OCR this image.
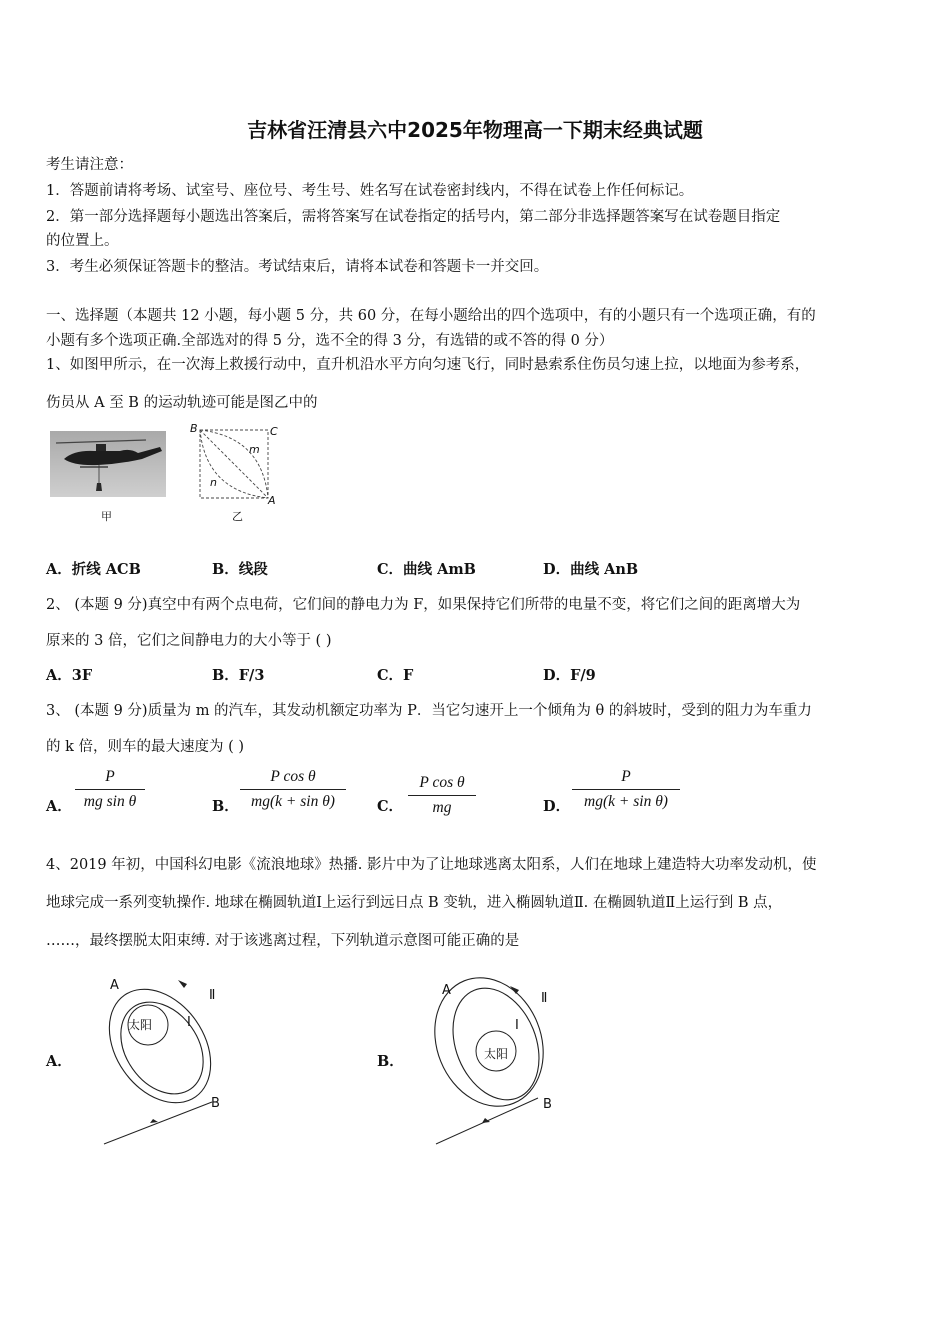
吉林省汪清县六中2025年物理高一下期末经典试题
考生请注意：
1．答题前请将考场、试室号、座位号、考生号、姓名写在试卷密封线内，不得在试卷上作任何标记。
2．第一部分选择题每小题选出答案后，需将答案写在试卷指定的括号内，第二部分非选择题答案写在试卷题目指定
的位置上。
3．考生必须保证答题卡的整洁。考试结束后，请将本试卷和答题卡一并交回。
一、选择题（本题共 12 小题，每小题 5 分，共 60 分，在每小题给出的四个选项中，有的小题只有一个选项正确，有的
小题有多个选项正确.全部选对的得 5 分，选不全的得 3 分，有选错的或不答的得 0 分）
1、如图甲所示，在一次海上救援行动中，直升机沿水平方向匀速飞行，同时悬索系住伤员匀速上拉，以地面为参考系，
伤员从 A 至 B 的运动轨迹可能是图乙中的
甲
B	C
m
n
A
乙
A．折线 ACB	B．线段	C．曲线 AmB	D．曲线 AnB
2、 (本题 9 分)真空中有两个点电荷，它们间的静电力为 F，如果保持它们所带的电量不变，将它们之间的距离增大为
原来的 3 倍，它们之间静电力的大小等于 ( )
A．3F	B．F/3	C．F	D．F/9
3、 (本题 9 分)质量为 m 的汽车，其发动机额定功率为 P．当它匀速开上一个倾角为 θ 的斜坡时，受到的阻力为车重力
的 k 倍，则车的最大速度为 ( )
A．
P
mg sin θ	B．
P cos θ
mg(k + sin θ)	C．
P cos θ
mg	D．
P
mg(k + sin θ)
4、2019 年初，中国科幻电影《流浪地球》热播. 影片中为了让地球逃离太阳系，人们在地球上建造特大功率发动机，使
地球完成一系列变轨操作. 地球在椭圆轨道Ⅰ上运行到远日点 B 变轨，进入椭圆轨道Ⅱ. 在椭圆轨道Ⅱ上运行到 B 点，
……，最终摆脱太阳束缚. 对于该逃离过程，下列轨道示意图可能正确的是
A．
太阳
A
Ⅰ
Ⅱ
B
B．	太阳
A
Ⅰ
Ⅱ
B
